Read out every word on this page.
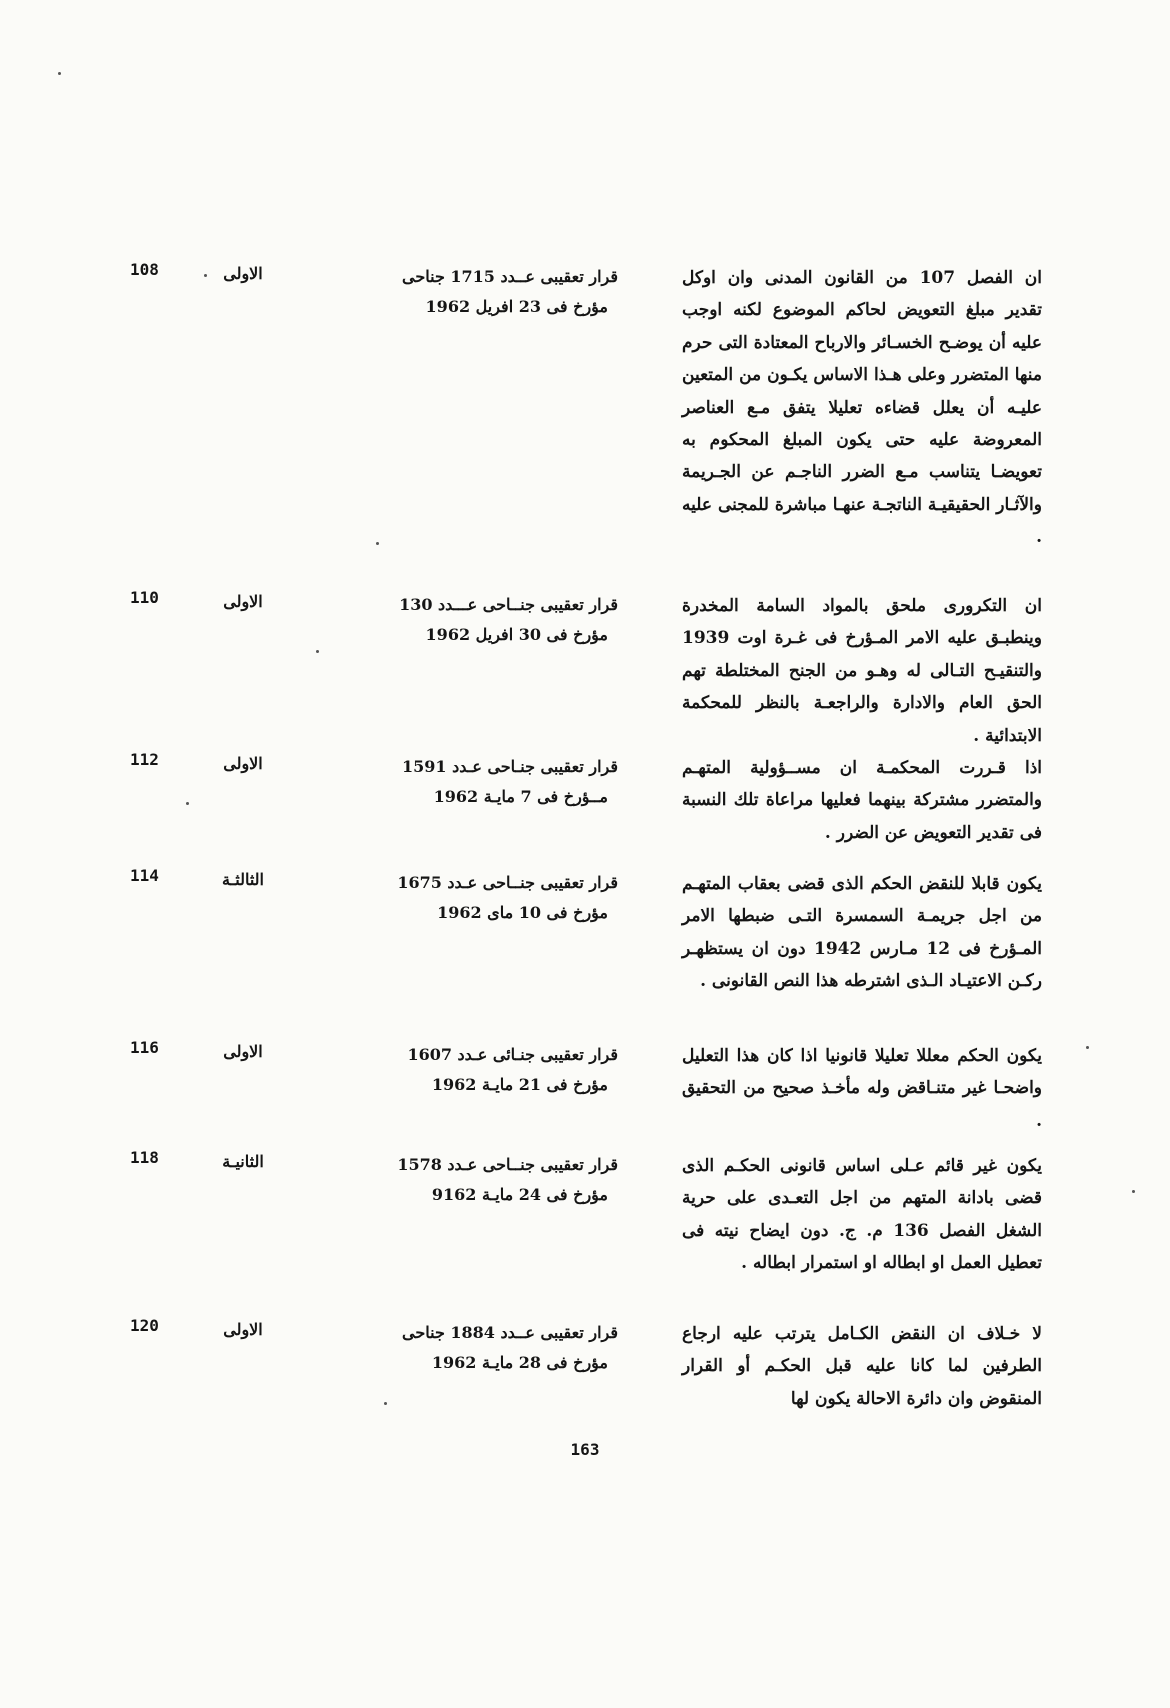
ان الفصل 107 من القانون المدنى وان اوكل تقدير مبلغ التعويض لحاكم الموضوع لكنه اوجب عليه أن يوضـح الخسـائر والارباح المعتادة التى حرم منها المتضرر وعلى هـذا الاساس يكـون من المتعين عليـه أن يعلل قضاءه تعليلا يتفق مـع العناصر المعروضة عليه حتى يكون المبلغ المحكوم به تعويضـا يتناسب مـع الضرر الناجـم عن الجـريمة والآثـار الحقيقيـة الناتجـة عنهـا مباشرة للمجنى عليه .
قرار تعقيبى عــدد 1715 جناحى
مؤرخ فى 23 افريل 1962
الاولى
108
ان التكرورى ملحق بالمواد السامة المخدرة وينطبـق عليه الامر المـؤرخ فى غـرة اوت 1939 والتنقيـح التـالى له وهـو من الجنح المختلطة تهم الحق العام والادارة والراجعـة بالنظر للمحكمة الابتدائية .
قرار تعقيبى جنــاحى عـــدد 130
مؤرخ فى 30 افريل 1962
الاولى
110
اذا قـررت المحكمـة ان مســؤولية المتهـم والمتضرر مشتركة بينهما فعليها مراعاة تلك النسبة فى تقدير التعويض عن الضرر .
قرار تعقيبى جنـاحى عـدد 1591
مــؤرخ فى 7 مايـة 1962
الاولى
112
يكون قابلا للنقض الحكم الذى قضى بعقاب المتهـم من اجل جريمـة السمسرة التـى ضبطها الامر المـؤرخ فى 12 مـارس 1942 دون ان يستظهـر ركـن الاعتيـاد الـذى اشترطه هذا النص القانونى .
قرار تعقيبى جنــاحى عـدد 1675
مؤرخ فى 10 ماى 1962
الثالثـة
114
يكون الحكم معللا تعليلا قانونيا اذا كان هذا التعليل واضحـا غير متنـاقض وله مأخـذ صحيح من التحقيق .
قرار تعقيبى جنـائى عـدد 1607
مؤرخ فى 21 مايـة 1962
الاولى
116
يكون غير قائم عـلى اساس قانونى الحكـم الذى قضى بادانة المتهم من اجل التعـدى على حرية الشغل الفصل 136 م. ج. دون ايضاح نيته فى تعطيل العمل او ابطاله او استمرار ابطاله .
قرار تعقيبى جنــاحى عـدد 1578
مؤرخ فى 24 مايـة 9162
الثانيـة
118
لا خـلاف ان النقض الكـامل يترتب عليه ارجاع الطرفين لما كانا عليه قبل الحكـم أو القرار المنقوض وان دائرة الاحالة يكون لها
قرار تعقيبى عــدد 1884 جناحى
مؤرخ فى 28 مايـة 1962
الاولى
120
163
